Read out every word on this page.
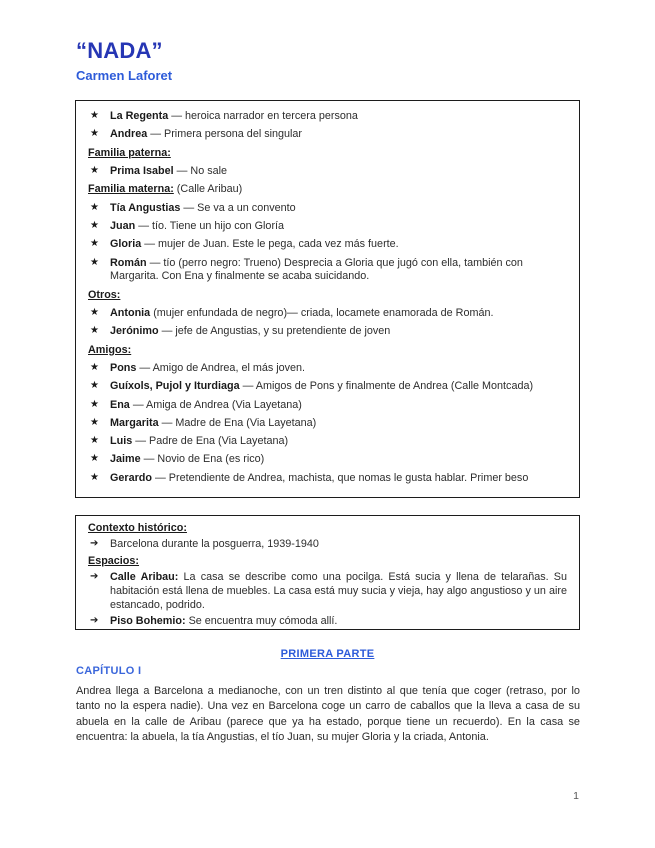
“NADA”
Carmen Laforet
★	La Regenta — heroica narrador en tercera persona
★	Andrea — Primera persona del singular
Familia paterna:
★	Prima Isabel — No sale
Familia materna: (Calle Aribau)
★	Tía Angustias — Se va a un convento
★	Juan — tío. Tiene un hijo con Gloría
★	Gloria — mujer de Juan. Este le pega, cada vez más fuerte.
★	Román — tío (perro negro: Trueno) Desprecia a Gloria que jugó con ella, también con Margarita. Con Ena y finalmente se acaba suicidando.
Otros:
★	Antonia (mujer enfundada de negro)— criada, locamete enamorada de Román.
★	Jerónimo — jefe de Angustias, y su pretendiente de joven
Amigos:
★	Pons — Amigo de Andrea, el más joven.
★	Guíxols, Pujol y Iturdiaga — Amigos de Pons y finalmente de Andrea (Calle Montcada)
★	Ena — Amiga de Andrea (Via Layetana)
★	Margarita — Madre de Ena (Via Layetana)
★	Luis — Padre de Ena (Via Layetana)
★	Jaime — Novio de Ena (es rico)
★	Gerardo — Pretendiente de Andrea, machista, que nomas le gusta hablar. Primer beso
Contexto histórico:
➔	Barcelona durante la posguerra, 1939-1940
Espacios:
➔	Calle Aribau: La casa se describe como una pocilga. Está sucia y llena de telarañas. Su habitación está llena de muebles. La casa está muy sucia y vieja, hay algo angustioso y un aire estancado, podrido.
➔	Piso Bohemio: Se encuentra muy cómoda allí.
PRIMERA PARTE
CAPÍTULO I
Andrea llega a Barcelona a medianoche, con un tren distinto al que tenía que coger (retraso, por lo tanto no la espera nadie). Una vez en Barcelona coge un carro de caballos que la lleva a casa de su abuela en la calle de Aribau (parece que ya ha estado, porque tiene un recuerdo). En la casa se encuentra: la abuela, la tía Angustias, el tío Juan, su mujer Gloria y la criada, Antonia.
1
